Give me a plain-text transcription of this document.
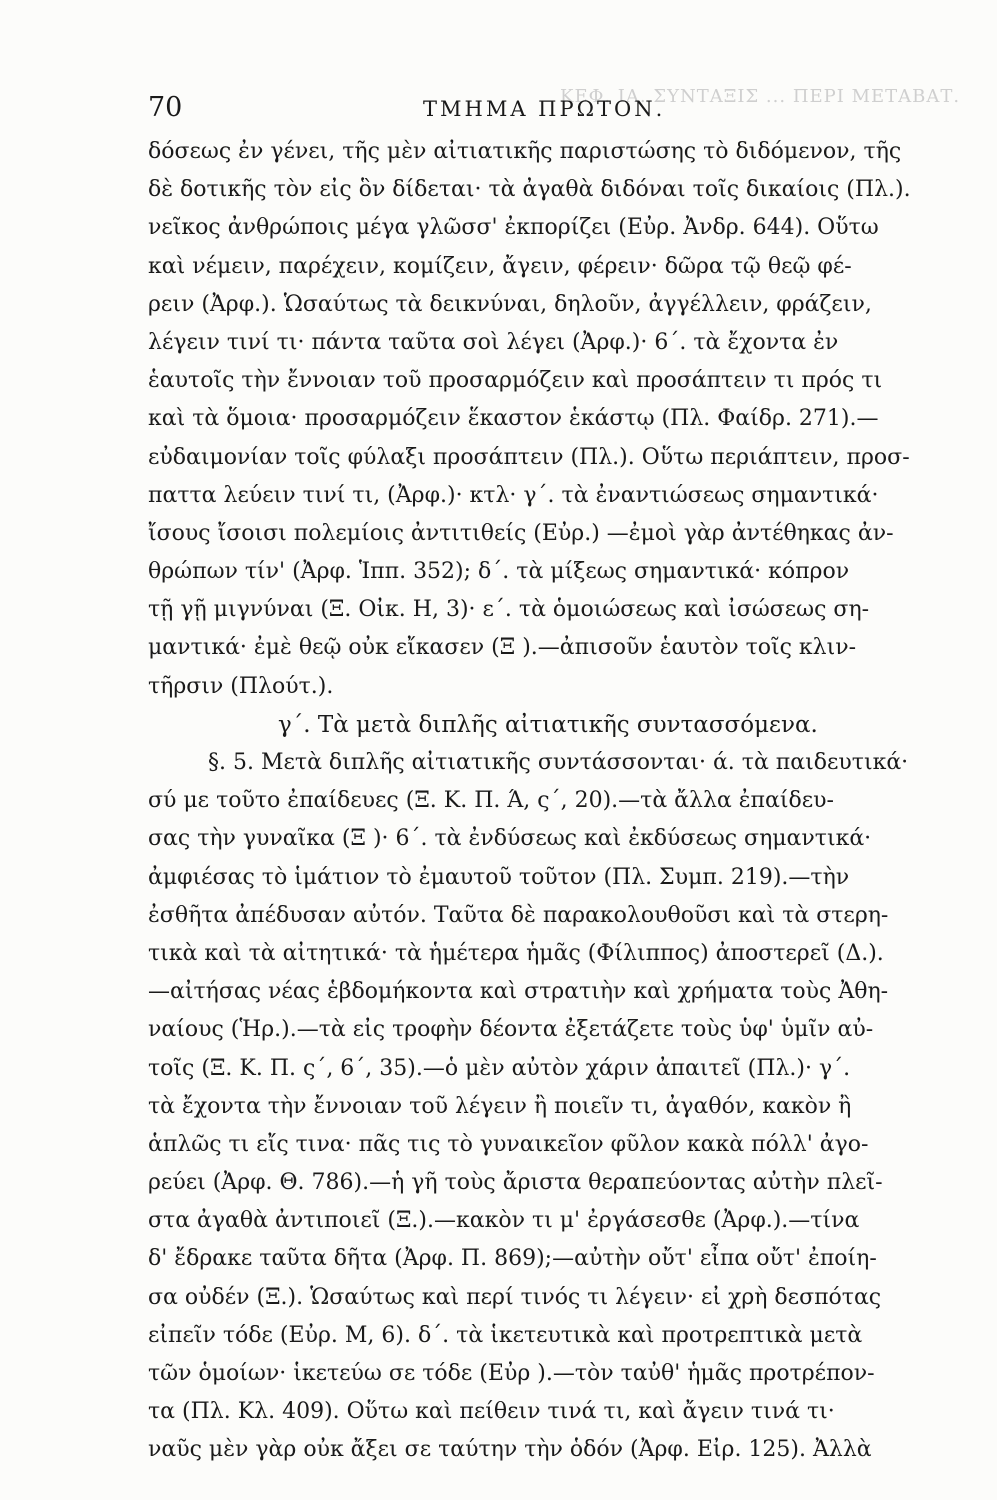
ΚΕΦ. ΙΑ. ΣΥΝΤΑΞΙΣ ... ΠΕΡΙ ΜΕΤΑΒΑΤ.
70	ΤΜΗΜΑ ΠΡΩΤΟΝ.
δόσεως ἐν γένει, τῆς μὲν αἰτιατικῆς παριστώσης τὸ διδόμενον, τῆς
δὲ δοτικῆς τὸν εἰς ὃν δίδεται· τὰ ἀγαθὰ διδόναι τοῖς δικαίοις (Πλ.).
νεῖκος ἀνθρώποις μέγα γλῶσσ' ἐκπορίζει (Εὐρ. Ἀνδρ. 644). Οὕτω
καὶ νέμειν, παρέχειν, κομίζειν, ἄγειν, φέρειν· δῶρα τῷ θεῷ φέ-
ρειν (Ἀρφ.). Ὡσαύτως τὰ δεικνύναι, δηλοῦν, ἀγγέλλειν, φράζειν,
λέγειν τινί τι· πάντα ταῦτα σοὶ λέγει (Ἀρφ.)· 6΄. τὰ ἔχοντα ἐν
ἑαυτοῖς τὴν ἔννοιαν τοῦ προσαρμόζειν καὶ προσάπτειν τι πρός τι
καὶ τὰ ὅμοια· προσαρμόζειν ἕκαστον ἑκάστῳ (Πλ. Φαίδρ. 271).—
εὐδαιμονίαν τοῖς φύλαξι προσάπτειν (Πλ.). Οὕτω περιάπτειν, προσ-
παττα λεύειν τινί τι, (Ἀρφ.)· κτλ· γ΄. τὰ ἐναντιώσεως σημαντικά·
ἴσους ἴσοισι πολεμίοις ἀντιτιθείς (Εὐρ.) —ἐμοὶ γὰρ ἀντέθηκας ἀν-
θρώπων τίν' (Ἀρφ. Ἱππ. 352); δ΄. τὰ μίξεως σημαντικά· κόπρον
τῇ γῇ μιγνύναι (Ξ. Οἰκ. Η, 3)· ε΄. τὰ ὁμοιώσεως καὶ ἰσώσεως ση-
μαντικά· ἐμὲ θεῷ οὐκ εἴκασεν (Ξ ).—ἀπισοῦν ἑαυτὸν τοῖς κλιν-
τῆρσιν (Πλούτ.).
γ΄. Τὰ μετὰ διπλῆς αἰτιατικῆς συντασσόμενα.
§. 5. Μετὰ διπλῆς αἰτιατικῆς συντάσσονται· ά. τὰ παιδευτικά·
σύ με τοῦτο ἐπαίδευες (Ξ. Κ. Π. Ά, ς΄, 20).—τὰ ἄλλα ἐπαίδευ-
σας τὴν γυναῖκα (Ξ )· 6΄. τὰ ἐνδύσεως καὶ ἐκδύσεως σημαντικά·
ἀμφιέσας τὸ ἱμάτιον τὸ ἐμαυτοῦ τοῦτον (Πλ. Συμπ. 219).—τὴν
ἐσθῆτα ἀπέδυσαν αὐτόν. Ταῦτα δὲ παρακολουθοῦσι καὶ τὰ στερη-
τικὰ καὶ τὰ αἰτητικά· τὰ ἡμέτερα ἡμᾶς (Φίλιππος) ἀποστερεῖ (Δ.).
—αἰτήσας νέας ἑβδομήκοντα καὶ στρατιὴν καὶ χρήματα τοὺς Ἀθη-
ναίους (Ἡρ.).—τὰ εἰς τροφὴν δέοντα ἐξετάζετε τοὺς ὑφ' ὑμῖν αὐ-
τοῖς (Ξ. Κ. Π. ς΄, 6΄, 35).—ὁ μὲν αὐτὸν χάριν ἀπαιτεῖ (Πλ.)· γ΄.
τὰ ἔχοντα τὴν ἔννοιαν τοῦ λέγειν ἢ ποιεῖν τι, ἀγαθόν, κακὸν ἢ
ἁπλῶς τι εἴς τινα· πᾶς τις τὸ γυναικεῖον φῦλον κακὰ πόλλ' ἀγο-
ρεύει (Ἀρφ. Θ. 786).—ἡ γῆ τοὺς ἄριστα θεραπεύοντας αὐτὴν πλεῖ-
στα ἀγαθὰ ἀντιποιεῖ (Ξ.).—κακὸν τι μ' ἐργάσεσθε (Ἀρφ.).—τίνα
δ' ἔδρακε ταῦτα δῆτα (Ἀρφ. Π. 869);—αὐτὴν οὔτ' εἶπα οὔτ' ἐποίη-
σα οὐδέν (Ξ.). Ὡσαύτως καὶ περί τινός τι λέγειν· εἰ χρὴ δεσπότας
εἰπεῖν τόδε (Εὐρ. Μ, 6). δ΄. τὰ ἱκετευτικὰ καὶ προτρεπτικὰ μετὰ
τῶν ὁμοίων· ἱκετεύω σε τόδε (Εὐρ ).—τὸν ταὐθ' ἡμᾶς προτρέπον-
τα (Πλ. Κλ. 409). Οὕτω καὶ πείθειν τινά τι, καὶ ἄγειν τινά τι·
ναῦς μὲν γὰρ οὐκ ἄξει σε ταύτην τὴν ὁδόν (Ἀρφ. Εἰρ. 125). Ἀλλὰ
